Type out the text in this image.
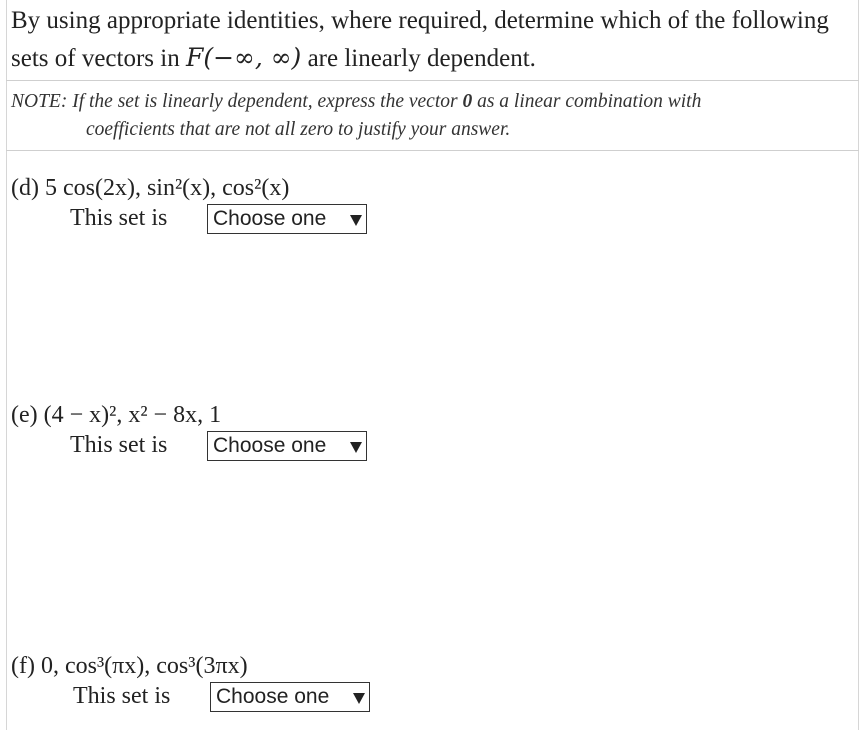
By using appropriate identities, where required, determine which of the following sets of vectors in F(−∞, ∞) are linearly dependent.
NOTE: If the set is linearly dependent, express the vector 0 as a linear combination with
coefficients that are not all zero to justify your answer.
(d) 5 cos(2x), sin²(x), cos²(x)
This set is Choose one
(e) (4 − x)², x² − 8x, 1
This set is Choose one
(f) 0, cos³(πx), cos³(3πx)
This set is Choose one
